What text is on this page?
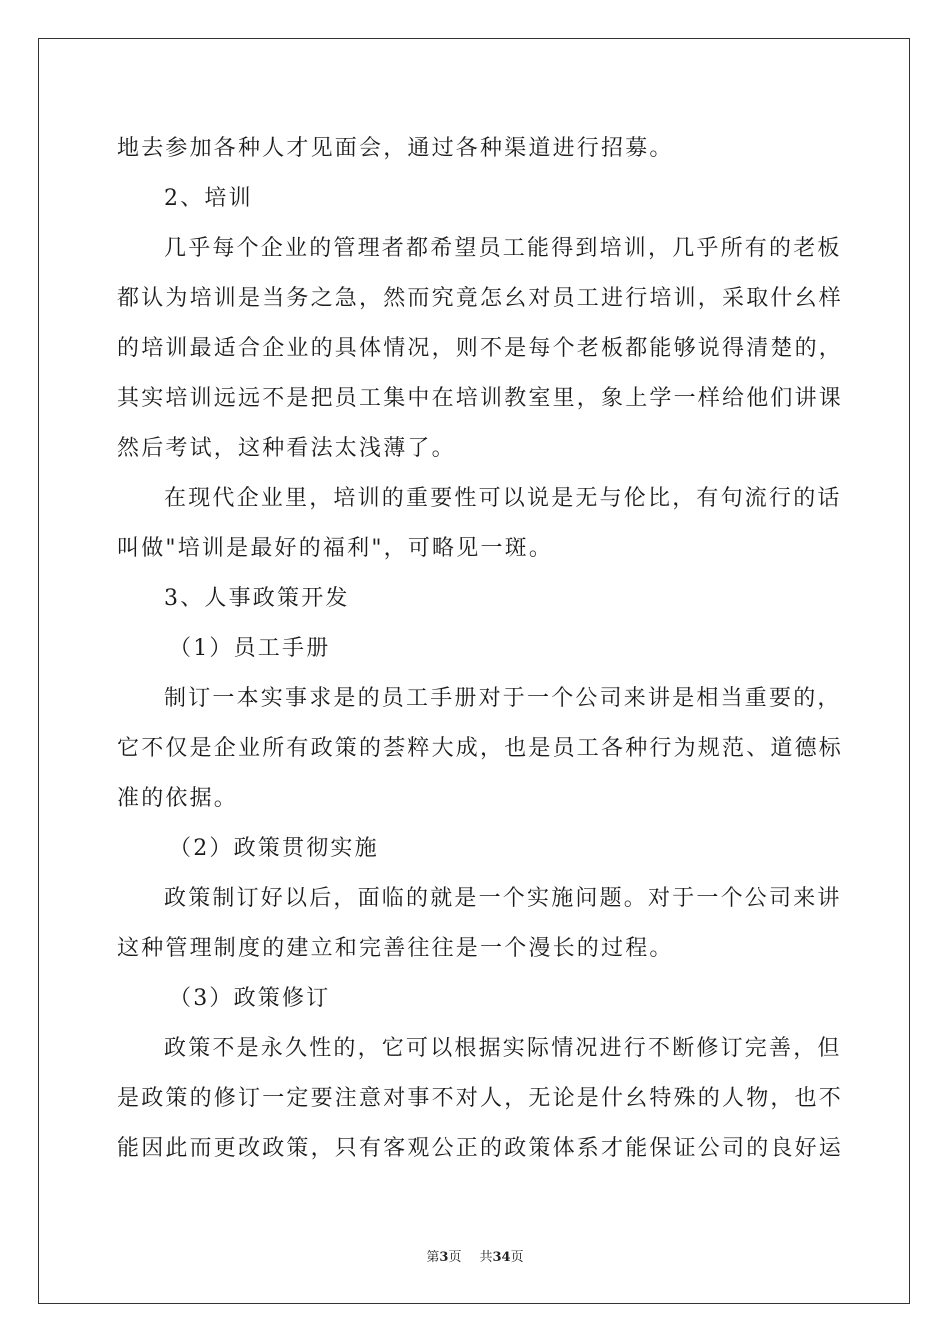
地去参加各种人才见面会，通过各种渠道进行招募。
2、培训
几乎每个企业的管理者都希望员工能得到培训，几乎所有的老板
都认为培训是当务之急，然而究竟怎幺对员工进行培训，采取什幺样
的培训最适合企业的具体情况，则不是每个老板都能够说得清楚的，
其实培训远远不是把员工集中在培训教室里，象上学一样给他们讲课
然后考试，这种看法太浅薄了。
在现代企业里，培训的重要性可以说是无与伦比，有句流行的话
叫做"培训是最好的福利"，可略见一斑。
3、人事政策开发
（1）员工手册
制订一本实事求是的员工手册对于一个公司来讲是相当重要的，
它不仅是企业所有政策的荟粹大成，也是员工各种行为规范、道德标
准的依据。
（2）政策贯彻实施
政策制订好以后，面临的就是一个实施问题。对于一个公司来讲
这种管理制度的建立和完善往往是一个漫长的过程。
（3）政策修订
政策不是永久性的，它可以根据实际情况进行不断修订完善，但
是政策的修订一定要注意对事不对人，无论是什幺特殊的人物，也不
能因此而更改政策，只有客观公正的政策体系才能保证公司的良好运
第3页 共34页
